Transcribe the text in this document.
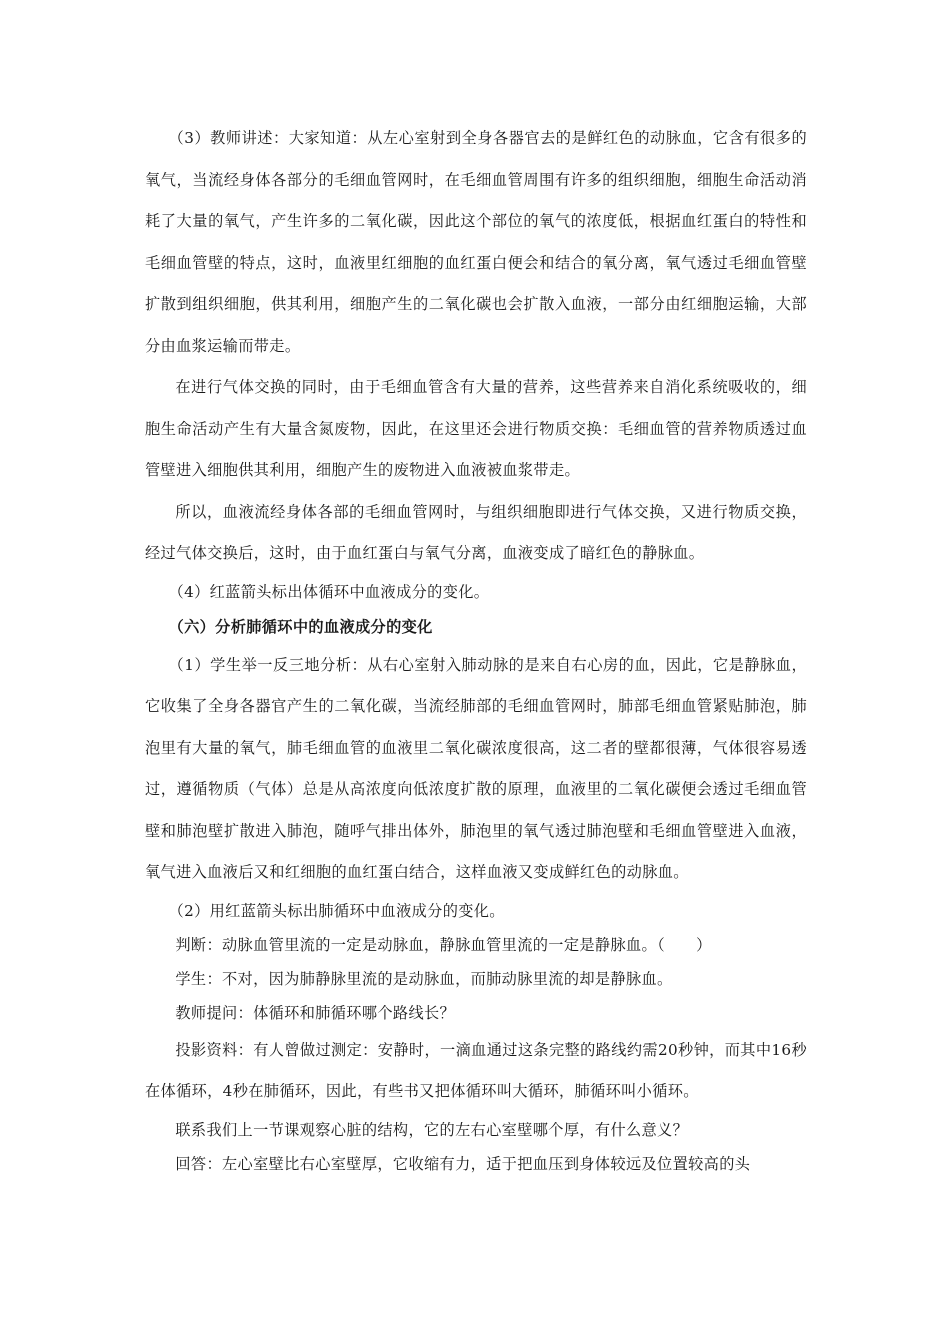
（3）教师讲述：大家知道：从左心室射到全身各器官去的是鲜红色的动脉血，它含有很多的氧气，当流经身体各部分的毛细血管网时，在毛细血管周围有许多的组织细胞，细胞生命活动消耗了大量的氧气，产生许多的二氧化碳，因此这个部位的氧气的浓度低，根据血红蛋白的特性和毛细血管壁的特点，这时，血液里红细胞的血红蛋白便会和结合的氧分离，氧气透过毛细血管壁扩散到组织细胞，供其利用，细胞产生的二氧化碳也会扩散入血液，一部分由红细胞运输，大部分由血浆运输而带走。

在进行气体交换的同时，由于毛细血管含有大量的营养，这些营养来自消化系统吸收的，细胞生命活动产生有大量含氮废物，因此，在这里还会进行物质交换：毛细血管的营养物质透过血管壁进入细胞供其利用，细胞产生的废物进入血液被血浆带走。

所以，血液流经身体各部的毛细血管网时，与组织细胞即进行气体交换，又进行物质交换，经过气体交换后，这时，由于血红蛋白与氧气分离，血液变成了暗红色的静脉血。

（4）红蓝箭头标出体循环中血液成分的变化。

（六）分析肺循环中的血液成分的变化

（1）学生举一反三地分析：从右心室射入肺动脉的是来自右心房的血，因此，它是静脉血，它收集了全身各器官产生的二氧化碳，当流经肺部的毛细血管网时，肺部毛细血管紧贴肺泡，肺泡里有大量的氧气，肺毛细血管的血液里二氧化碳浓度很高，这二者的壁都很薄，气体很容易透过，遵循物质（气体）总是从高浓度向低浓度扩散的原理，血液里的二氧化碳便会透过毛细血管壁和肺泡壁扩散进入肺泡，随呼气排出体外，肺泡里的氧气透过肺泡壁和毛细血管壁进入血液，氧气进入血液后又和红细胞的血红蛋白结合，这样血液又变成鲜红色的动脉血。

（2）用红蓝箭头标出肺循环中血液成分的变化。

判断：动脉血管里流的一定是动脉血，静脉血管里流的一定是静脉血。（　　）

学生：不对，因为肺静脉里流的是动脉血，而肺动脉里流的却是静脉血。

教师提问：体循环和肺循环哪个路线长？

投影资料：有人曾做过测定：安静时，一滴血通过这条完整的路线约需20秒钟，而其中16秒在体循环，4秒在肺循环，因此，有些书又把体循环叫大循环，肺循环叫小循环。

联系我们上一节课观察心脏的结构，它的左右心室壁哪个厚，有什么意义？

回答：左心室壁比右心室壁厚，它收缩有力，适于把血压到身体较远及位置较高的头
